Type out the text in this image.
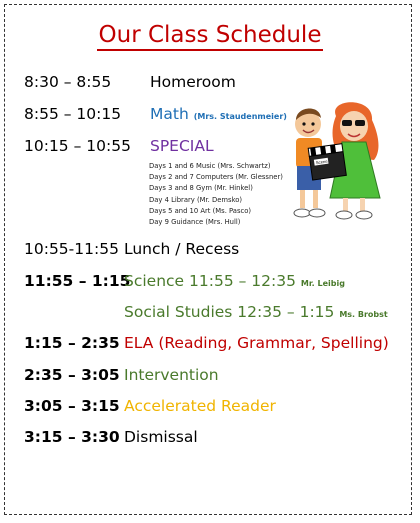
Our Class Schedule
8:30 – 8:55	Homeroom
8:55 – 10:15 Math (Mrs. Staudenmeier)
10:15 – 10:55 SPECIAL
Days 1 and 6 Music (Mrs. Schwartz)
Days 2 and 7 Computers (Mr. Glessner)
Days 3 and 8 Gym (Mr. Hinkel)
Day 4 Library (Mr. Demsko)
Days 5 and 10 Art (Ms. Pasco)
Day 9 Guidance (Mrs. Hull)
10:55-11:55 Lunch / Recess
11:55 – 1:15
Science 11:55 – 12:35 Mr. Leibig
Social Studies 12:35 – 1:15 Ms. Brobst
1:15 – 2:35 ELA (Reading, Grammar, Spelling)
2:35 – 3:05 Intervention
3:05 – 3:15 Accelerated Reader
3:15 – 3:30 Dismissal
Scene
